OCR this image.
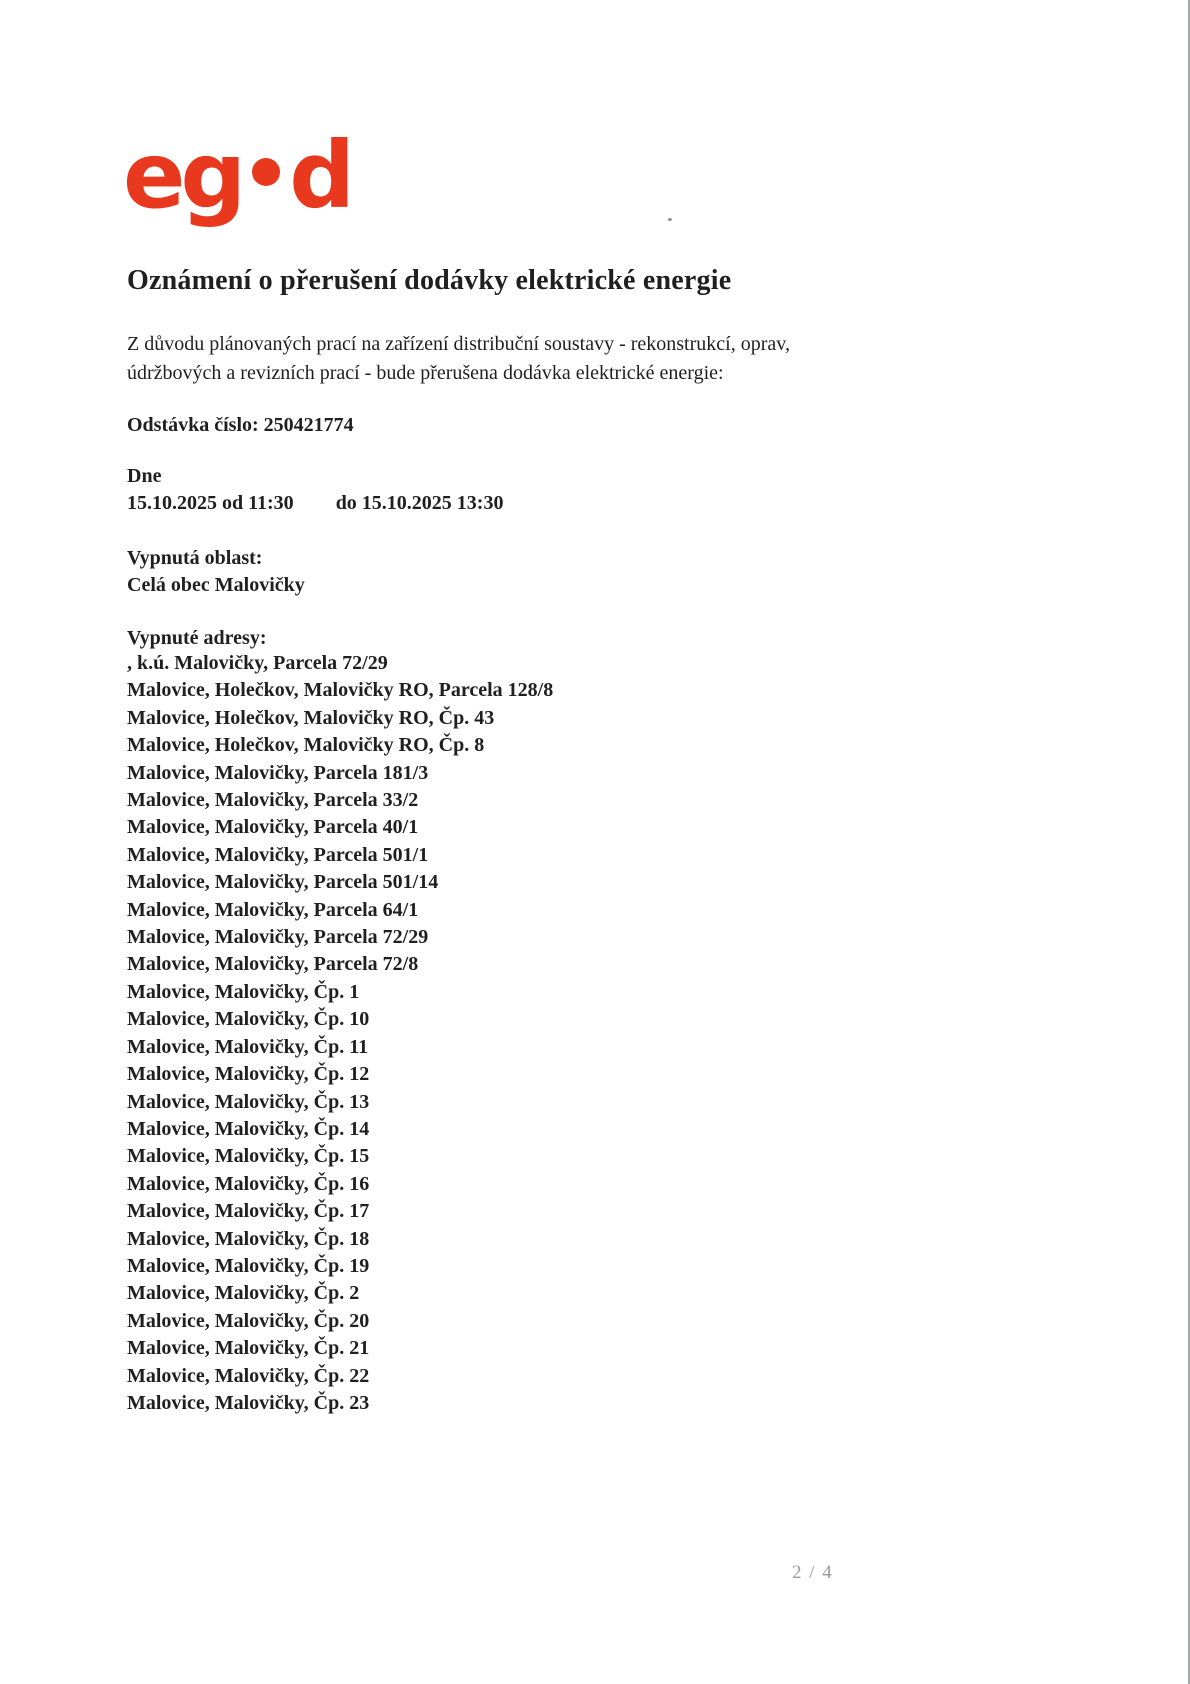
eg d
Oznámení o přerušení dodávky elektrické energie
Z důvodu plánovaných prací na zařízení distribuční soustavy - rekonstrukcí, oprav,
údržbových a revizních prací - bude přerušena dodávka elektrické energie:
Odstávka číslo: 250421774
Dne
15.10.2025 od 11:30 do 15.10.2025 13:30
Vypnutá oblast:
Celá obec Malovičky
Vypnuté adresy:
, k.ú. Malovičky, Parcela 72/29
Malovice, Holečkov, Malovičky RO, Parcela 128/8
Malovice, Holečkov, Malovičky RO, Čp. 43
Malovice, Holečkov, Malovičky RO, Čp. 8
Malovice, Malovičky, Parcela 181/3
Malovice, Malovičky, Parcela 33/2
Malovice, Malovičky, Parcela 40/1
Malovice, Malovičky, Parcela 501/1
Malovice, Malovičky, Parcela 501/14
Malovice, Malovičky, Parcela 64/1
Malovice, Malovičky, Parcela 72/29
Malovice, Malovičky, Parcela 72/8
Malovice, Malovičky, Čp. 1
Malovice, Malovičky, Čp. 10
Malovice, Malovičky, Čp. 11
Malovice, Malovičky, Čp. 12
Malovice, Malovičky, Čp. 13
Malovice, Malovičky, Čp. 14
Malovice, Malovičky, Čp. 15
Malovice, Malovičky, Čp. 16
Malovice, Malovičky, Čp. 17
Malovice, Malovičky, Čp. 18
Malovice, Malovičky, Čp. 19
Malovice, Malovičky, Čp. 2
Malovice, Malovičky, Čp. 20
Malovice, Malovičky, Čp. 21
Malovice, Malovičky, Čp. 22
Malovice, Malovičky, Čp. 23
2 / 4
